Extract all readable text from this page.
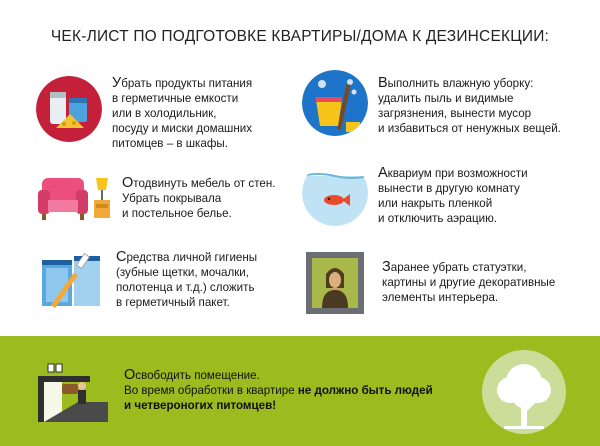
ЧЕК-ЛИСТ ПО ПОДГОТОВКЕ КВАРТИРЫ/ДОМА К ДЕЗИНСЕКЦИИ:
Убрать продукты питания
в герметичные емкости
или в холодильник,
посуду и миски домашних
питомцев – в шкафы.
Выполнить влажную уборку:
удалить пыль и видимые
загрязнения, вынести мусор
и избавиться от ненужных вещей.
Отодвинуть мебель от стен.
Убрать покрывала
и постельное белье.
Аквариум при возможности
вынести в другую комнату
или накрыть пленкой
и отключить аэрацию.
Средства личной гигиены
(зубные щетки, мочалки,
полотенца и т.д.) сложить
в герметичный пакет.
Заранее убрать статуэтки,
картины и другие декоративные
элементы интерьера.
Освободить помещение.
Во время обработки в квартире не должно быть людей
и четвероногих питомцев!
